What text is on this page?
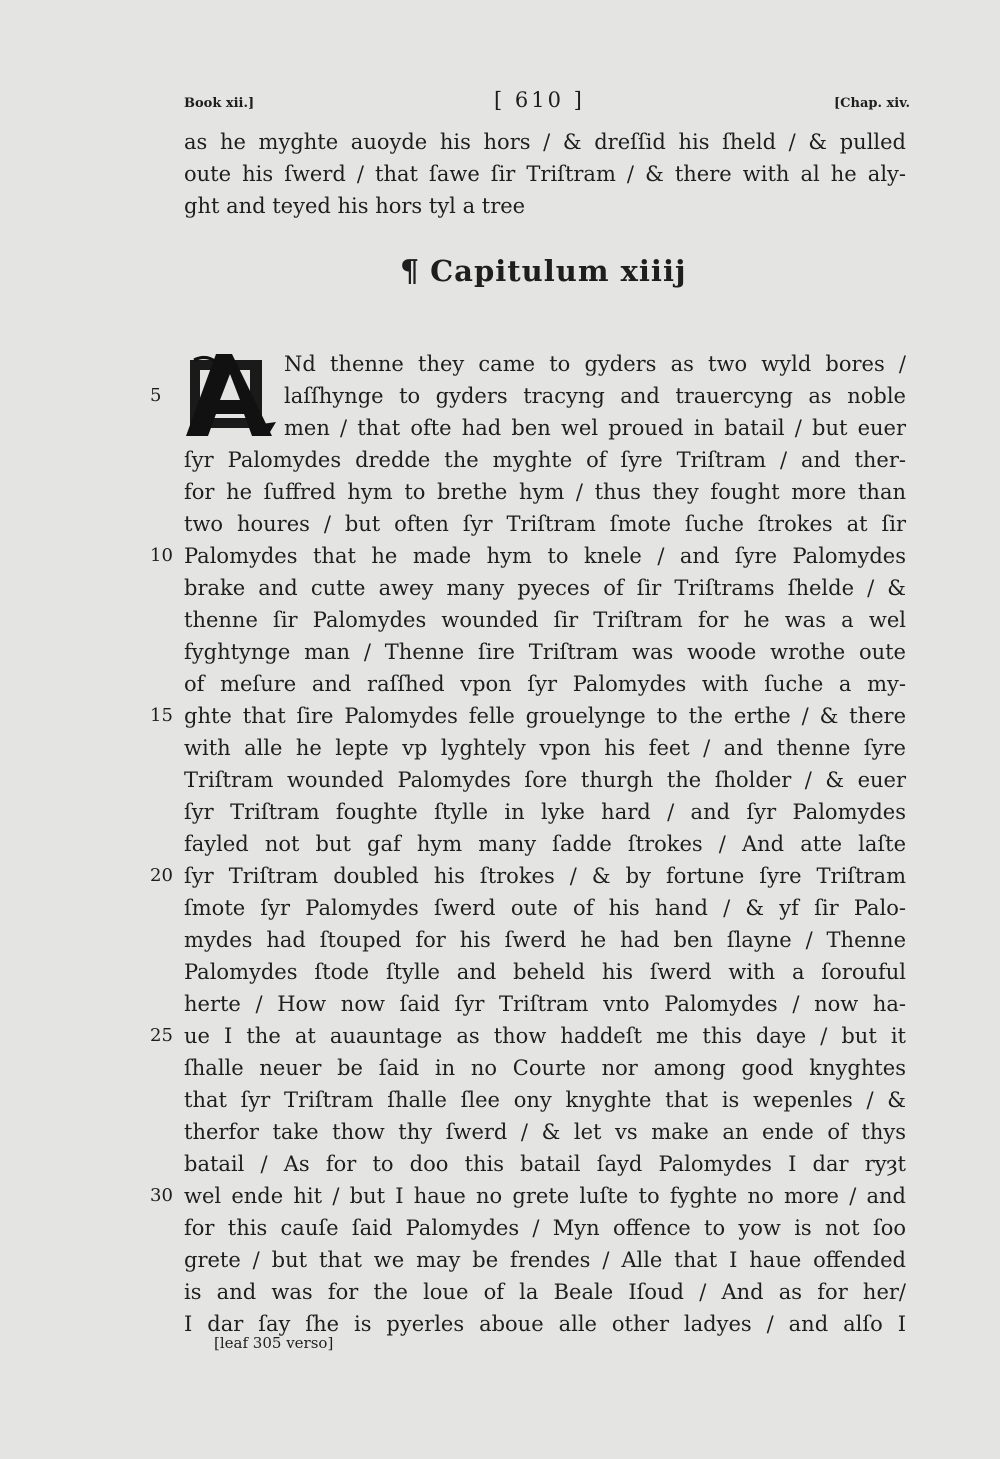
Book xii.]	[ 610 ]	[Chap. xiv.
as he myghte auoyde his hors / & dreſſid his ſheld / & pulled
oute his ſwerd / that ſawe ſir Triſtram / & there with al he aly-
ght and teyed his hors tyl a tree
¶ Capitulum xiiij
Nd thenne they came to gyders as two wyld bores /
laſſhynge to gyders tracyng and trauercyng as noble
men / that ofte had ben wel proued in batail / but euer
ſyr Palomydes dredde the myghte of ſyre Triſtram / and ther-
for he ſuffred hym to brethe hym / thus they fought more than
two houres / but often ſyr Triſtram ſmote ſuche ſtrokes at ſir
Palomydes that he made hym to knele / and ſyre Palomydes
brake and cutte awey many pyeces of ſir Triſtrams ſhelde / &
thenne ſir Palomydes wounded ſir Triſtram for he was a wel
fyghtynge man / Thenne ſire Triſtram was woode wrothe oute
of meſure and raſſhed vpon ſyr Palomydes with ſuche a my-
ghte that ſire Palomydes felle grouelynge to the erthe / & there
with alle he lepte vp lyghtely vpon his feet / and thenne ſyre
Triſtram wounded Palomydes ſore thurgh the ſholder / & euer
ſyr Triſtram foughte ſtylle in lyke hard / and ſyr Palomydes
fayled not but gaf hym many ſadde ſtrokes / And atte laſte
ſyr Triſtram doubled his ſtrokes / & by fortune ſyre Triſtram
ſmote ſyr Palomydes ſwerd oute of his hand / & yf ſir Palo-
mydes had ſtouped for his ſwerd he had ben ſlayne / Thenne
Palomydes ſtode ſtylle and beheld his ſwerd with a ſorouful
herte / How now ſaid ſyr Triſtram vnto Palomydes / now ha-
ue I the at auauntage as thow haddeſt me this daye / but it
ſhalle neuer be ſaid in no Courte nor among good knyghtes
that ſyr Triſtram ſhalle ſlee ony knyghte that is wepenles / &
therfor take thow thy ſwerd / & let vs make an ende of thys
batail / As for to doo this batail ſayd Palomydes I dar ryȝt
wel ende hit / but I haue no grete luſte to fyghte no more / and
for this cauſe ſaid Palomydes / Myn offence to yow is not ſoo
grete / but that we may be frendes / Alle that I haue offended
is and was for the loue of la Beale Iſoud / And as for her/
I dar ſay ſhe is pyerles aboue alle other ladyes / and alſo I
5
10
15
20
25
30
[leaf 305 verso]
